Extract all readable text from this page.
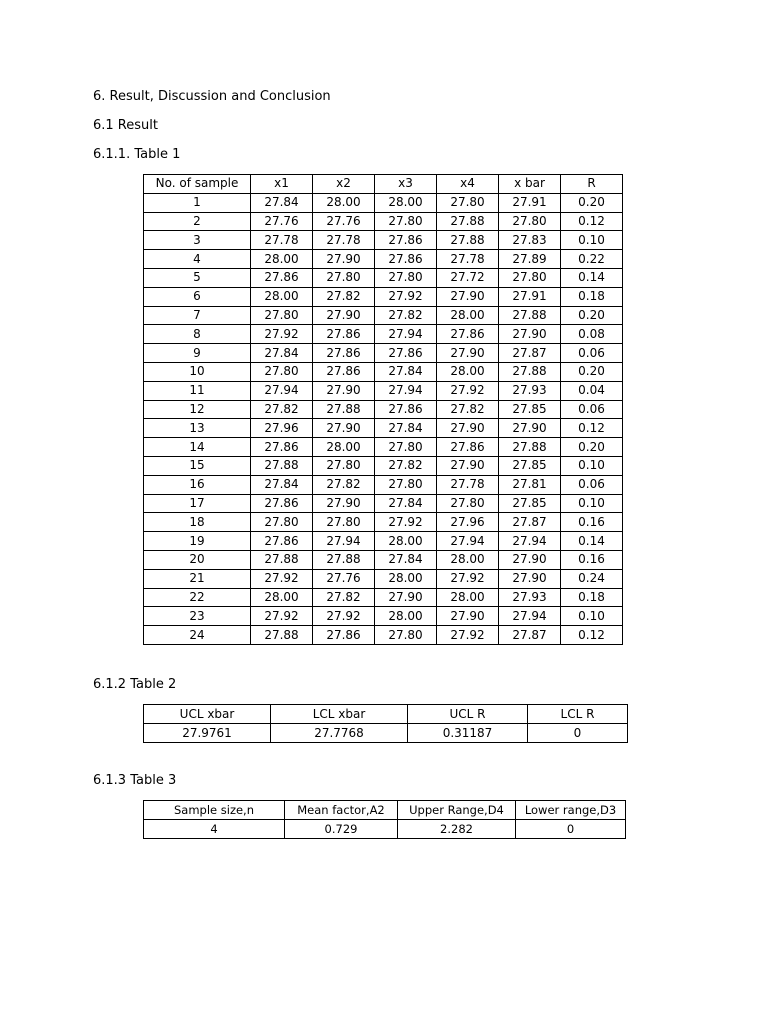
6. Result, Discussion and Conclusion
6.1 Result
6.1.1. Table 1
No. of sample	x1	x2	x3	x4	x bar	R
1	27.84	28.00	28.00	27.80	27.91	0.20
2	27.76	27.76	27.80	27.88	27.80	0.12
3	27.78	27.78	27.86	27.88	27.83	0.10
4	28.00	27.90	27.86	27.78	27.89	0.22
5	27.86	27.80	27.80	27.72	27.80	0.14
6	28.00	27.82	27.92	27.90	27.91	0.18
7	27.80	27.90	27.82	28.00	27.88	0.20
8	27.92	27.86	27.94	27.86	27.90	0.08
9	27.84	27.86	27.86	27.90	27.87	0.06
10	27.80	27.86	27.84	28.00	27.88	0.20
11	27.94	27.90	27.94	27.92	27.93	0.04
12	27.82	27.88	27.86	27.82	27.85	0.06
13	27.96	27.90	27.84	27.90	27.90	0.12
14	27.86	28.00	27.80	27.86	27.88	0.20
15	27.88	27.80	27.82	27.90	27.85	0.10
16	27.84	27.82	27.80	27.78	27.81	0.06
17	27.86	27.90	27.84	27.80	27.85	0.10
18	27.80	27.80	27.92	27.96	27.87	0.16
19	27.86	27.94	28.00	27.94	27.94	0.14
20	27.88	27.88	27.84	28.00	27.90	0.16
21	27.92	27.76	28.00	27.92	27.90	0.24
22	28.00	27.82	27.90	28.00	27.93	0.18
23	27.92	27.92	28.00	27.90	27.94	0.10
24	27.88	27.86	27.80	27.92	27.87	0.12
6.1.2 Table 2
UCL xbar	LCL xbar	UCL R	LCL R
27.9761	27.7768	0.31187	0
6.1.3 Table 3
Sample size,n	Mean factor,A2	Upper Range,D4	Lower range,D3
4	0.729	2.282	0
